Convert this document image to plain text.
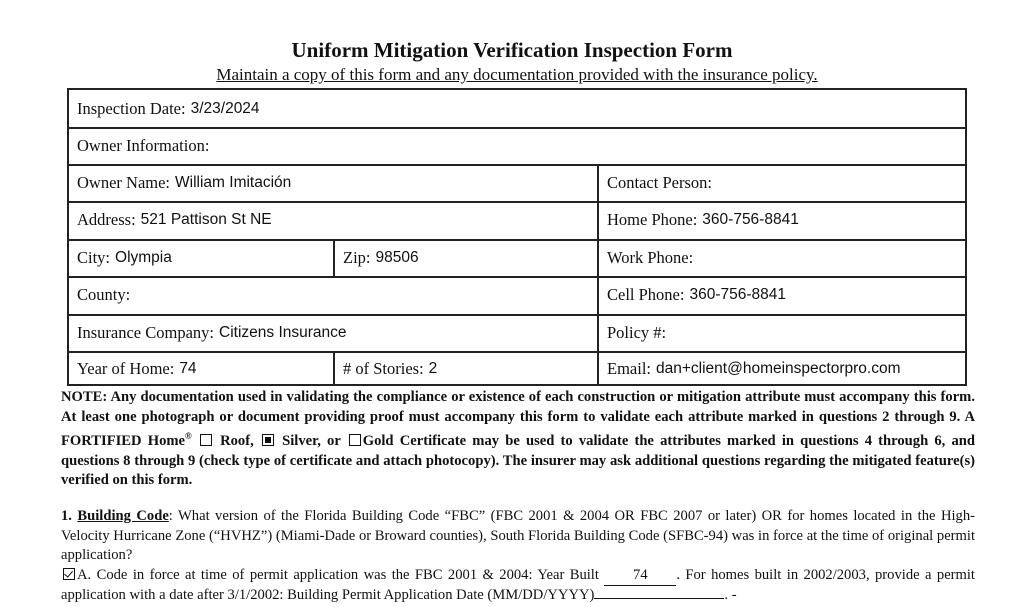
Uniform Mitigation Verification Inspection Form
Maintain a copy of this form and any documentation provided with the insurance policy.
Inspection Date: 3/23/2024
Owner Information:
Owner Name: William Imitación	Contact Person:
Address: 521 Pattison St NE	Home Phone: 360-756-8841
City: Olympia	Zip: 98506	Work Phone:
County:	Cell Phone: 360-756-8841
Insurance Company: Citizens Insurance	Policy #:
Year of Home: 74	# of Stories: 2	Email: dan+client@homeinspectorpro.com
NOTE: Any documentation used in validating the compliance or existence of each construction or mitigation attribute must accompany this form. At least one photograph or document providing proof must accompany this form to validate each attribute marked in questions 2 through 9. A FORTIFIED Home® Roof, Silver, or Gold Certificate may be used to validate the attributes marked in questions 4 through 6, and questions 8 through 9 (check type of certificate and attach photocopy). The insurer may ask additional questions regarding the mitigated feature(s) verified on this form.
1. Building Code: What version of the Florida Building Code “FBC” (FBC 2001 & 2004 OR FBC 2007 or later) OR for homes located in the High-Velocity Hurricane Zone (“HVHZ”) (Miami-Dade or Broward counties), South Florida Building Code (SFBC-94) was in force at the time of original permit application?
A. Code in force at time of permit application was the FBC 2001 & 2004: Year Built 74 . For homes built in 2002/2003, provide a permit application with a date after 3/1/2002: Building Permit Application Date (MM/DD/YYYY)	. -
